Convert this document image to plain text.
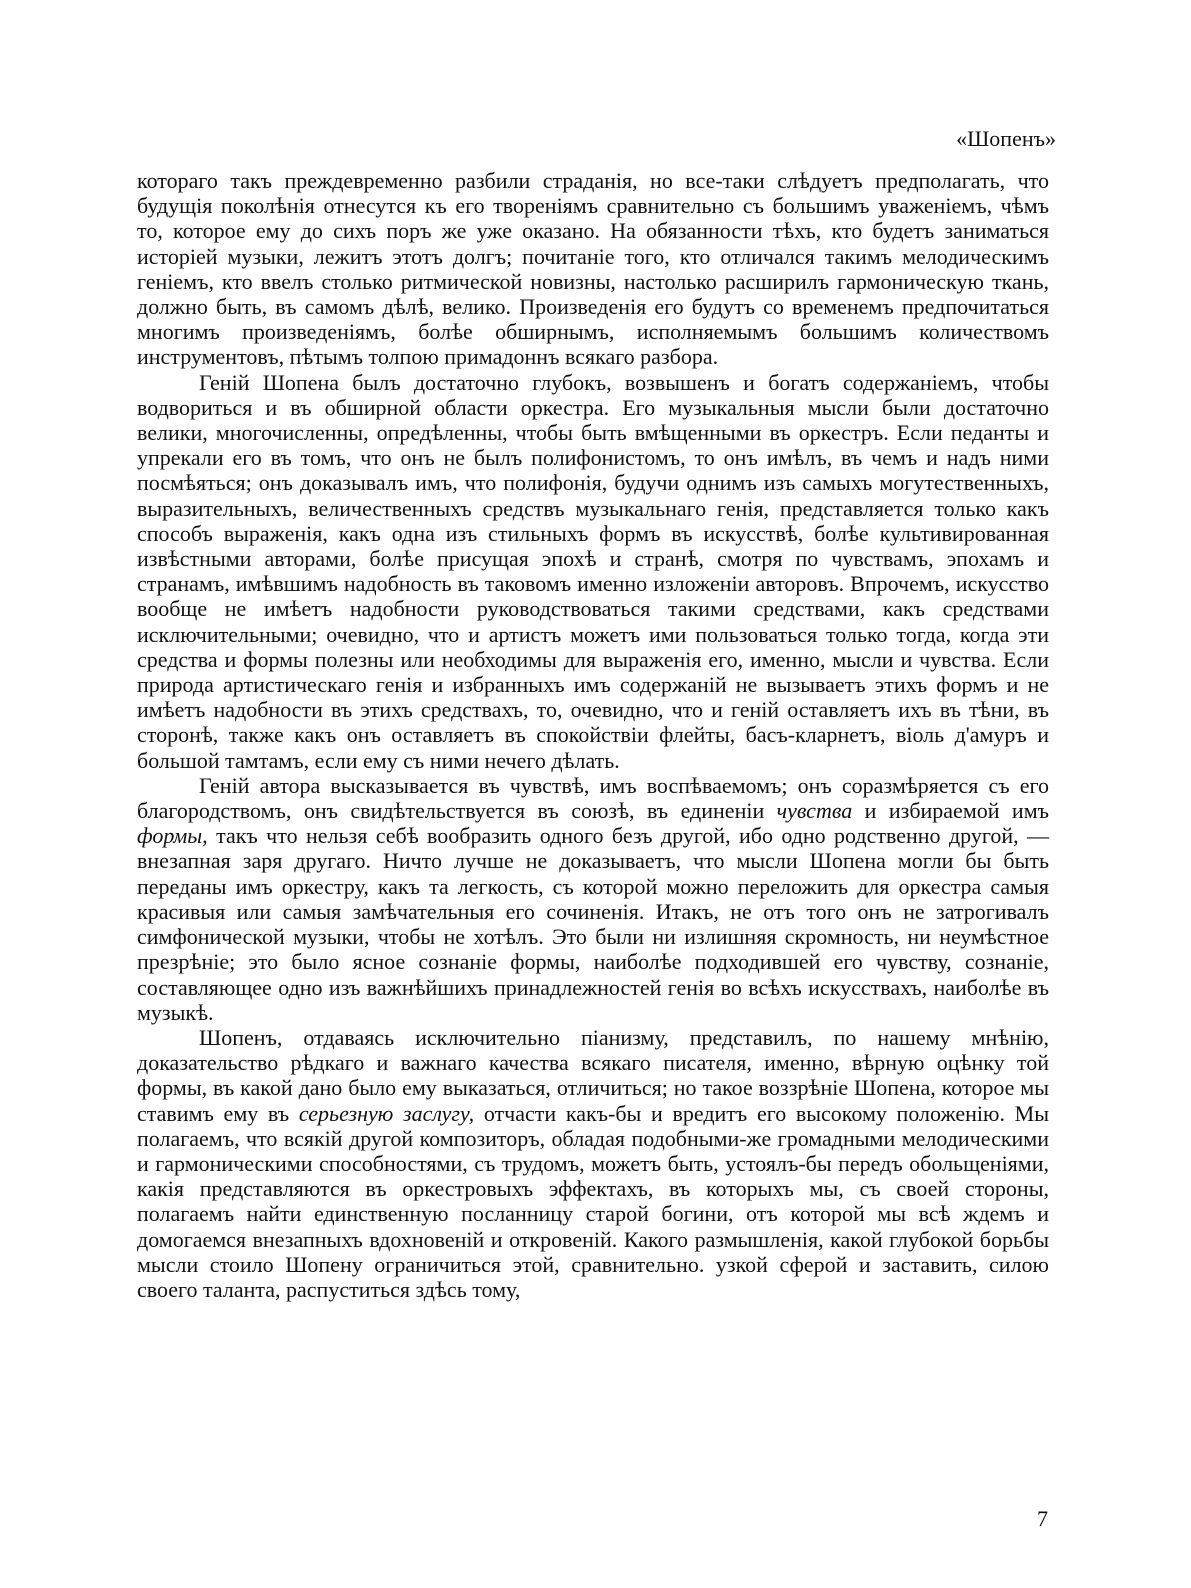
«Шопенъ»

котораго такъ преждевременно разбили страданія, но все-таки слѣдуетъ предполагать, что будущія поколѣнія отнесутся къ его твореніямъ сравнительно съ большимъ уваженіемъ, чѣмъ то, которое ему до сихъ поръ же уже оказано. На обязанности тѣхъ, кто будетъ заниматься исторіей музыки, лежитъ этотъ долгъ; почитаніе того, кто отличался такимъ мелодическимъ геніемъ, кто ввелъ столько ритмической новизны, настолько расширилъ гармоническую ткань, должно быть, въ самомъ дѣлѣ, велико. Произведенія его будутъ со временемъ предпочитаться многимъ произведеніямъ, болѣе обширнымъ, исполняемымъ большимъ количествомъ инструментовъ, пѣтымъ толпою примадоннъ всякаго разбора.

Геній Шопена былъ достаточно глубокъ, возвышенъ и богатъ содержаніемъ, чтобы водвориться и въ обширной области оркестра. Его музыкальныя мысли были достаточно велики, многочисленны, опредѣленны, чтобы быть вмѣщенными въ оркестръ. Если педанты и упрекали его въ томъ, что онъ не былъ полифонистомъ, то онъ имѣлъ, въ чемъ и надъ ними посмѣяться; онъ доказывалъ имъ, что полифонія, будучи однимъ изъ самыхъ могутественныхъ, выразительныхъ, величественныхъ средствъ музыкальнаго генія, представляется только какъ способъ выраженія, какъ одна изъ стильныхъ формъ въ искусствѣ, болѣе культивированная извѣстными авторами, болѣе присущая эпохѣ и странѣ, смотря по чувствамъ, эпохамъ и странамъ, имѣвшимъ надобность въ таковомъ именно изложеніи авторовъ. Впрочемъ, искусство вообще не имѣетъ надобности руководствоваться такими средствами, какъ средствами исключительными; очевидно, что и артистъ можетъ ими пользоваться только тогда, когда эти средства и формы полезны или необходимы для выраженія его, именно, мысли и чувства. Если природа артистическаго генія и избранныхъ имъ содержаній не вызываетъ этихъ формъ и не имѣетъ надобности въ этихъ средствахъ, то, очевидно, что и геній оставляетъ ихъ въ тѣни, въ сторонѣ, также какъ онъ оставляетъ въ спокойствіи флейты, басъ-кларнетъ, віоль д'амуръ и большой тамтамъ, если ему съ ними нечего дѣлать.

Геній автора высказывается въ чувствѣ, имъ воспѣваемомъ; онъ соразмѣряется съ его благородствомъ, онъ свидѣтельствуется въ союзѣ, въ единеніи чувства и избираемой имъ формы, такъ что нельзя себѣ вообразить одного безъ другой, ибо одно родственно другой, — внезапная заря другаго. Ничто лучше не доказываетъ, что мысли Шопена могли бы быть переданы имъ оркестру, какъ та легкость, съ которой можно переложить для оркестра самыя красивыя или самыя замѣчательныя его сочиненія. Итакъ, не отъ того онъ не затрогивалъ симфонической музыки, чтобы не хотѣлъ. Это были ни излишняя скромность, ни неумѣстное презрѣніе; это было ясное сознаніе формы, наиболѣе подходившей его чувству, сознаніе, составляющее одно изъ важнѣйшихъ принадлежностей генія во всѣхъ искусствахъ, наиболѣе въ музыкѣ.

Шопенъ, отдаваясь исключительно піанизму, представилъ, по нашему мнѣнію, доказательство рѣдкаго и важнаго качества всякаго писателя, именно, вѣрную оцѣнку той формы, въ какой дано было ему выказаться, отличиться; но такое воззрѣніе Шопена, которое мы ставимъ ему въ серьезную заслугу, отчасти какъ-бы и вредитъ его высокому положенію. Мы полагаемъ, что всякій другой композиторъ, обладая подобными-же громадными мелодическими и гармоническими способностями, съ трудомъ, можетъ быть, устоялъ-бы передъ обольщеніями, какія представляются въ оркестровыхъ эффектахъ, въ которыхъ мы, съ своей стороны, полагаемъ найти единственную посланницу старой богини, отъ которой мы всѣ ждемъ и домогаемся внезапныхъ вдохновеній и откровеній. Какого размышленія, какой глубокой борьбы мысли стоило Шопену ограничиться этой, сравнительно. узкой сферой и заставить, силою своего таланта, распуститься здѣсь тому,

7
